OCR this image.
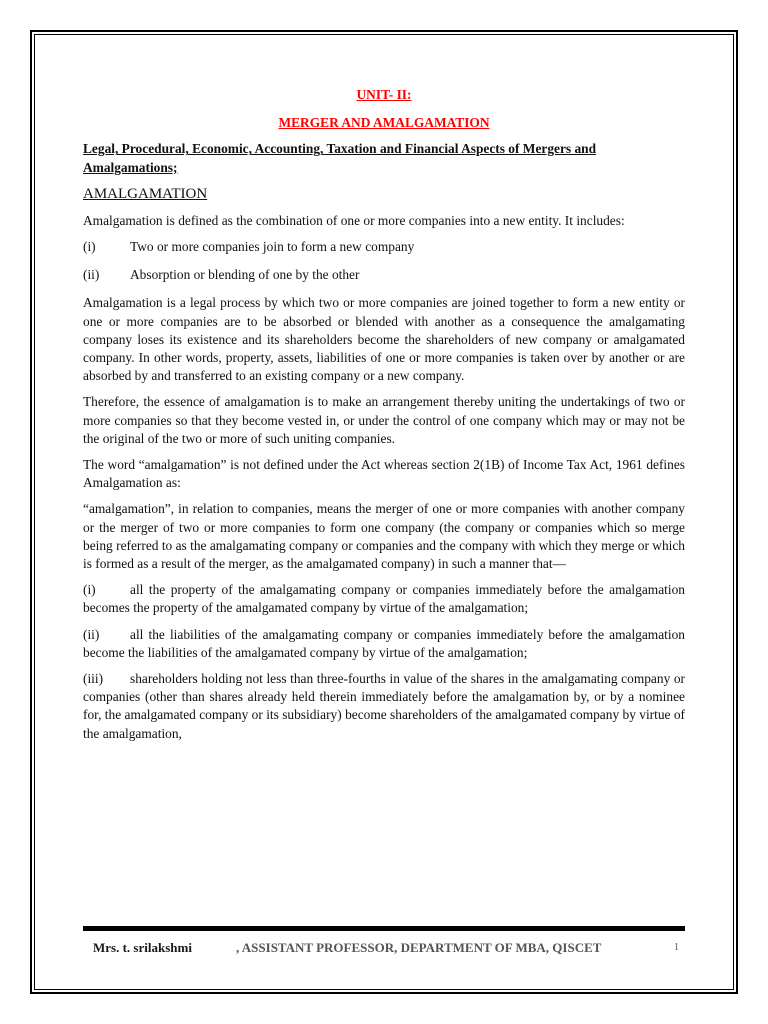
UNIT- II:

MERGER AND AMALGAMATION

Legal, Procedural, Economic, Accounting, Taxation and Financial Aspects of Mergers and Amalgamations;

AMALGAMATION

Amalgamation is defined as the combination of one or more companies into a new entity. It includes:

(i)	Two or more companies join to form a new company
(ii)	Absorption or blending of one by the other

Amalgamation is a legal process by which two or more companies are joined together to form a new entity or one or more companies are to be absorbed or blended with another as a consequence the amalgamating company loses its existence and its shareholders become the shareholders of new company or amalgamated company. In other words, property, assets, liabilities of one or more companies is taken over by another or are absorbed by and transferred to an existing company or a new company.

Therefore, the essence of amalgamation is to make an arrangement thereby uniting the undertakings of two or more companies so that they become vested in, or under the control of one company which may or may not be the original of the two or more of such uniting companies.

The word “amalgamation” is not defined under the Act whereas section 2(1B) of Income Tax Act, 1961 defines Amalgamation as:

“amalgamation”, in relation to companies, means the merger of one or more companies with another company or the merger of two or more companies to form one company (the company or companies which so merge being referred to as the amalgamating company or companies and the company with which they merge or which is formed as a result of the merger, as the amalgamated company) in such a manner that—

(i)	all the property of the amalgamating company or companies immediately before the amalgamation becomes the property of the amalgamated company by virtue of the amalgamation;

(ii) all the liabilities of the amalgamating company or companies immediately before the amalgamation become the liabilities of the amalgamated company by virtue of the amalgamation;

(iii) shareholders holding not less than three-fourths in value of the shares in the amalgamating company or companies (other than shares already held therein immediately before the amalgamation by, or by a nominee for, the amalgamated company or its subsidiary) become shareholders of the amalgamated company by virtue of the amalgamation,

Mrs. t. srilakshmi	, ASSISTANT PROFESSOR, DEPARTMENT OF MBA, QISCET	1
